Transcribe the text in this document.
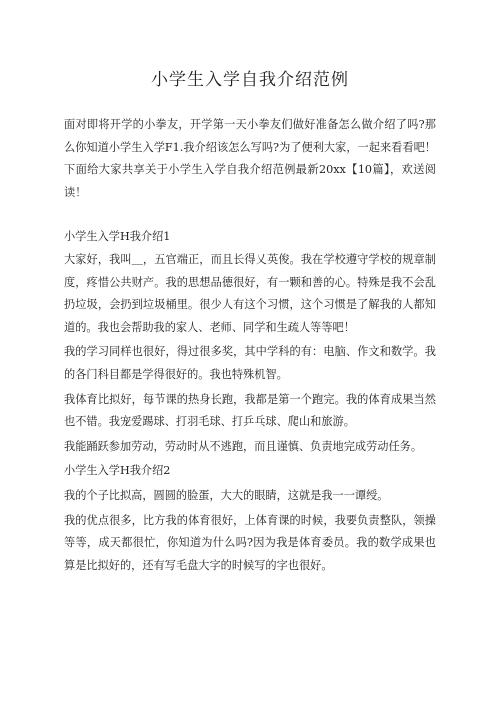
小学生入学自我介绍范例

面对即将开学的小拳友，开学第一天小拳友们做好准备怎么做介绍了吗?那么你知道小学生入学F1.我介绍该怎么写吗?为了便利大家，一起来看看吧！下面给大家共享关于小学生入学自我介绍范例最新20xx【10篇】，欢送阅读！

小学生入学H我介绍1

大家好，我叫＿，五官端正，而且长得乂英俊。我在学校遵守学校的规章制度，疼惜公共财产。我的思想品德很好，有一颗和善的心。特殊是我不会乱扔垃圾，会扔到垃圾桶里。很少人有这个习惯，这个习惯是了解我的人都知道的。我也会帮助我的家人、老师、同学和生疏人等等吧！

我的学习同样也很好，得过很多奖，其中学科的有：电脑、作文和数学。我的各门科目都是学得很好的。我也特殊机智。

我体育比拟好，每节课的热身长跑，我都是第一个跑完。我的体育成果当然也不错。我宠爱踢球、打羽毛球、打乒乓球、爬山和旅游。

我能踊跃参加劳动，劳动时从不逃跑，而且谨慎、负责地完成劳动任务。

小学生入学H我介绍2

我的个子比拟高，圆圆的脸蛋，大大的眼睛，这就是我一一谭绶。

我的优点很多，比方我的体育很好，上体育课的时候，我要负责整队，领操等等，成天都很忙，你知道为什么吗?因为我是体育委员。我的数学成果也算是比拟好的，还有写毛盘大字的时候写的字也很好。
